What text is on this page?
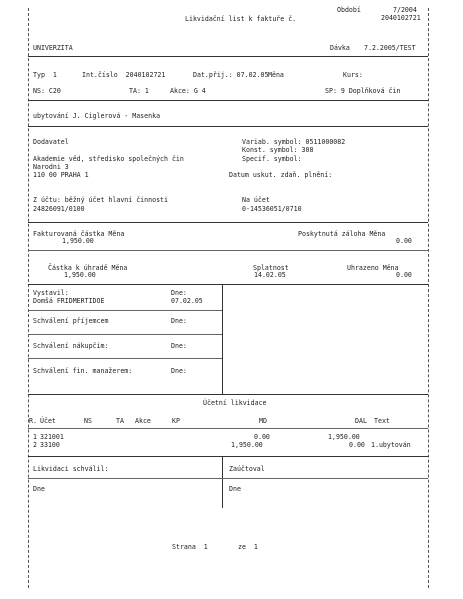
Období	7/2004
Likvidační list k faktuře č.	2040102721
UNIVERZITA	Dávka 7.2.2005/TEST
Typ  1	Int.číslo  2040102721	Dat.přij.: 07.02.05 Měna	Kurs:
NS: C20	TA: 1	Akce: G 4	SP: 9 Doplňková čin
ubytování J. Ciglerová - Masenka
Dodavatel
Akademie věd, středisko společných čin
Narodni 3
110 00 PRAHA 1
Variab. symbol: 0511000082
Konst. symbol: 308
Specif. symbol:
Datum uskut. zdaň. plnění:
Z účtu: běžný účet hlavní činnosti
24826091/0100
Na účet
0-14536051/0710
Fakturovaná částka Měna
1,950.00
Poskytnutá záloha Měna
0.00
Částka k úhradě Měna
1,950.00
Splatnost
14.02.05
Uhrazeno Měna
0.00
Vystavil:
Domšá FRIDMERTIDOE
Dne:
07.02.05
Schválení příjemcem	Dne:
Schválení nákupčím:	Dne:
Schválení fin. manažerem:	Dne:
Účetní likvidace
R. Účet	NS	TA Akce	KP	MD	DAL Text
1 321001	0.00	1,950.00
2 33100	1,950.00	0.00 1.ubytován
Likvidaci schválil:	Zaúčtoval
Dne	Dne
Strana  1	ze  1
